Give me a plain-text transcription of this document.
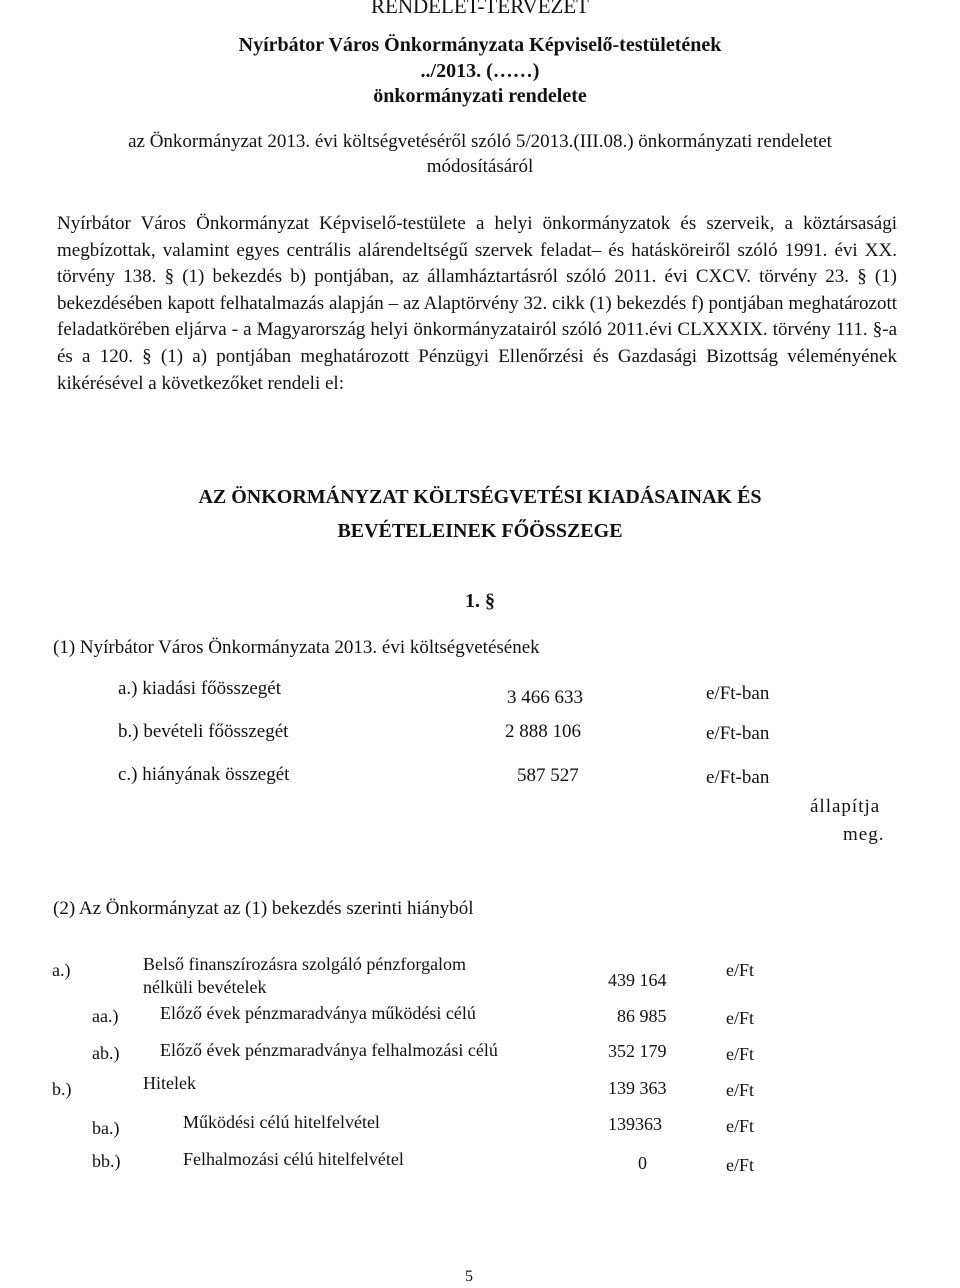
RENDELET-TERVEZET
Nyírbátor Város Önkormányzata Képviselő-testületének
../2013. (……)
önkormányzati rendelete
az Önkormányzat 2013. évi költségvetéséről szóló 5/2013.(III.08.) önkormányzati rendeletet
módosításáról
Nyírbátor Város Önkormányzat Képviselő-testülete a helyi önkormányzatok és szerveik, a köztársasági megbízottak, valamint egyes centrális alárendeltségű szervek feladat– és hatásköreiről szóló 1991. évi XX. törvény 138. § (1) bekezdés b) pontjában, az államháztartásról szóló 2011. évi CXCV. törvény 23. § (1) bekezdésében kapott felhatalmazás alapján – az Alaptörvény 32. cikk (1) bekezdés f) pontjában meghatározott feladatkörében eljárva - a Magyarország helyi önkormányzatairól szóló 2011.évi CLXXXIX. törvény 111. §-a és a 120. § (1) a) pontjában meghatározott Pénzügyi Ellenőrzési és Gazdasági Bizottság véleményének kikérésével a következőket rendeli el:
AZ ÖNKORMÁNYZAT KÖLTSÉGVETÉSI KIADÁSAINAK ÉS
BEVÉTELEINEK FŐÖSSZEGE
1. §
(1) Nyírbátor Város Önkormányzata 2013. évi költségvetésének
a.) kiadási főösszegét	3 466 633	e/Ft-ban
b.) bevételi főösszegét	2 888 106	e/Ft-ban
c.) hiányának összegét	587 527	e/Ft-ban
állapítja
meg.
(2) Az Önkormányzat az (1) bekezdés szerinti hiányból
a.)	Belső finanszírozásra szolgáló pénzforgalom
nélküli bevételek	439 164	e/Ft
aa.) Előző évek pénzmaradványa működési célú	86 985	e/Ft
ab.) Előző évek pénzmaradványa felhalmozási célú	352 179	e/Ft
b.)	Hitelek	139 363	e/Ft
ba.)	Működési célú hitelfelvétel	139363	e/Ft
bb.)	Felhalmozási célú hitelfelvétel	0	e/Ft
5
